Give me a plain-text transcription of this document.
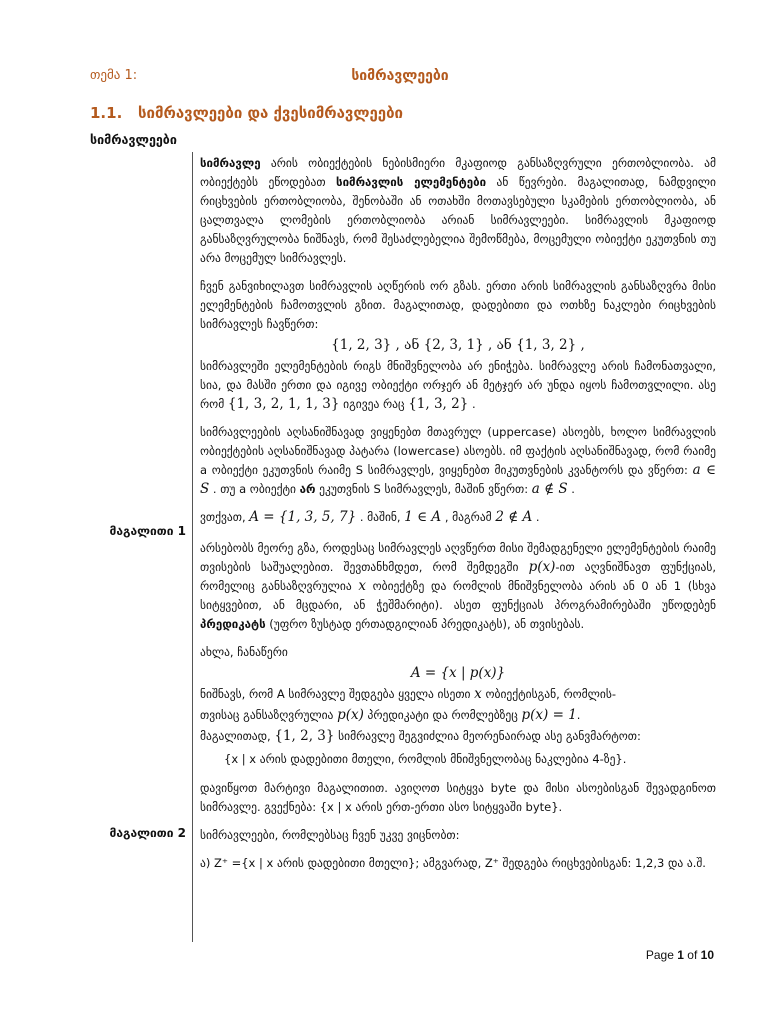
თემა 1:	სიმრავლეები
1.1. სიმრავლეები და ქვესიმრავლეები
სიმრავლეები
მაგალითი 1
მაგალითი 2

სიმრავლე არის ობიექტების ნებისმიერი მკაფიოდ განსაზღვრული ერთობლიობა. ამ ობიექტებს ეწოდებათ სიმრავლის ელემენტები ან წევრები. მაგალითად, ნამდვილი რიცხვების ერთობლიობა, შენობაში ან ოთახში მოთავსებული სკამების ერთობლიობა, ან ცალთვალა ლომების ერთობლიობა არიან სიმრავლეები. სიმრავლის მკაფიოდ განსაზღვრულობა ნიშნავს, რომ შესაძლებელია შემოწმება, მოცემული ობიექტი ეკუთვნის თუ არა მოცემულ სიმრავლეს.

ჩვენ განვიხილავთ სიმრავლის აღწერის ორ გზას. ერთი არის სიმრავლის განსაზღვრა მისი ელემენტების ჩამოთვლის გზით. მაგალითად, დადებითი და ოთხზე ნაკლები რიცხვების სიმრავლეს ჩავწერთ:

{1, 2, 3} , ან {2, 3, 1} , ან {1, 3, 2} ,

სიმრავლეში ელემენტების რიგს მნიშვნელობა არ ენიჭება. სიმრავლე არის ჩამონათვალი, სია, და მასში ერთი და იგივე ობიექტი ორჯერ ან მეტჯერ არ უნდა იყოს ჩამოთვლილი. ასე რომ {1, 3, 2, 1, 1, 3} იგივეა რაც {1, 3, 2} .

სიმრავლეების აღსანიშნავად ვიყენებთ მთავრულ (uppercase) ასოებს, ხოლო სიმრავლის ობიექტების აღსანიშნავად პატარა (lowercase) ასოებს. იმ ფაქტის აღსანიშნავად, რომ რაიმე a ობიექტი ეკუთვნის რაიმე S სიმრავლეს, ვიყენებთ მიკუთვნების კვანტორს და ვწერთ: a ∈ S . თუ a ობიექტი არ ეკუთვნის S სიმრავლეს, მაშინ ვწერთ: a ∉ S .

ვთქვათ, A = {1, 3, 5, 7} . მაშინ, 1 ∈ A , მაგრამ 2 ∉ A .

არსებობს მეორე გზა, როდესაც სიმრავლეს აღვწერთ მისი შემადგენელი ელემენტების რაიმე თვისების საშუალებით. შევთანხმდეთ, რომ შემდეგში p(x)-ით აღვნიშნავთ ფუნქციას, რომელიც განსაზღვრულია x ობიექტზე და რომლის მნიშვნელობა არის ან 0 ან 1 (სხვა სიტყვებით, ან მცდარი, ან ჭეშმარიტი). ასეთ ფუნქციას პროგრამირებაში უწოდებენ პრედიკატს (უფრო ზუსტად ერთადგილიან პრედიკატს), ან თვისებას.

ახლა, ჩანაწერი

A = {x | p(x)}

ნიშნავს, რომ A სიმრავლე შედგება ყველა ისეთი x ობიექტისგან, რომლის-

თვისაც განსაზღვრულია p(x) პრედიკატი და რომლებზეც p(x) = 1.

მაგალითად, {1, 2, 3} სიმრავლე შეგვიძლია მეორენაირად ასე განვმარტოთ:

{x | x არის დადებითი მთელი, რომლის მნიშვნელობაც ნაკლებია 4-ზე}.

დავიწყოთ მარტივი მაგალითით. ავიღოთ სიტყვა byte და მისი ასოებისგან შევადგინოთ სიმრავლე. გვექნება: {x | x არის ერთ-ერთი ასო სიტყვაში byte}.

სიმრავლეები, რომლებსაც ჩვენ უკვე ვიცნობთ:

ა) Z⁺ ={x | x არის დადებითი მთელი}; ამგვარად, Z⁺ შედგება რიცხვებისგან: 1,2,3 და ა.შ.

Page 1 of 10
